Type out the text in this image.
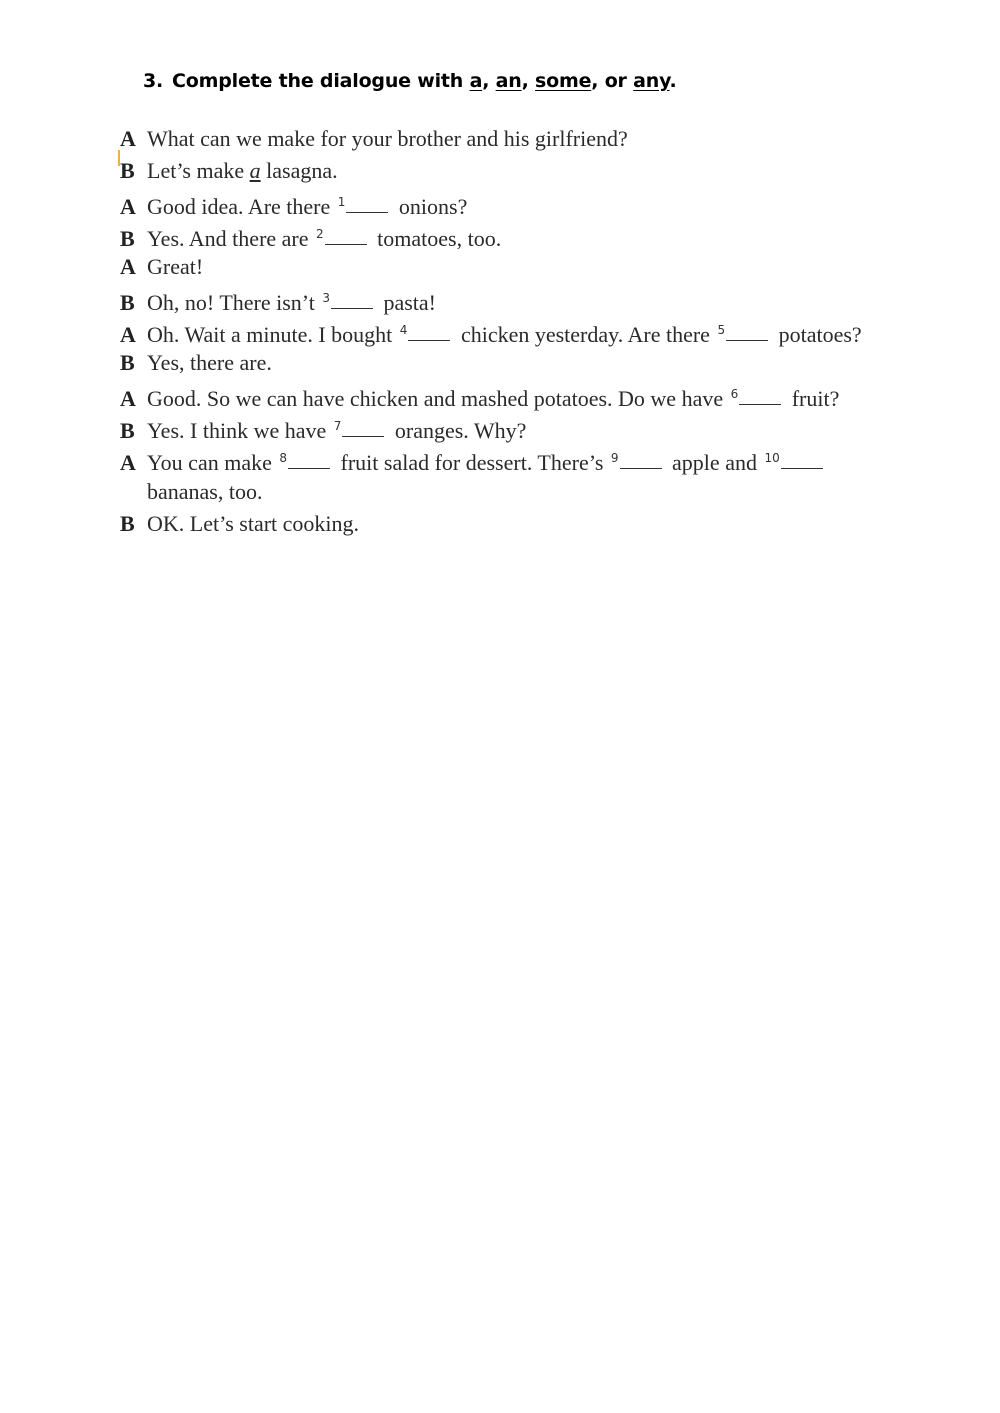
3. Complete the dialogue with a, an, some, or any.
A What can we make for your brother and his girlfriend?
B Let’s make a lasagna.
A Good idea. Are there $^1$ onions?
B Yes. And there are $^2$ tomatoes, too.
A Great!
B Oh, no! There isn’t $^3$ pasta!
A Oh. Wait a minute. I bought $^4$ chicken yesterday. Are there $^5$ potatoes?
B Yes, there are.
A Good. So we can have chicken and mashed potatoes. Do we have $^6$ fruit?
B Yes. I think we have $^7$ oranges. Why?
A You can make $^8$ fruit salad for dessert. There’s $^9$ apple and $^{10}$ bananas, too.
B OK. Let’s start cooking.
